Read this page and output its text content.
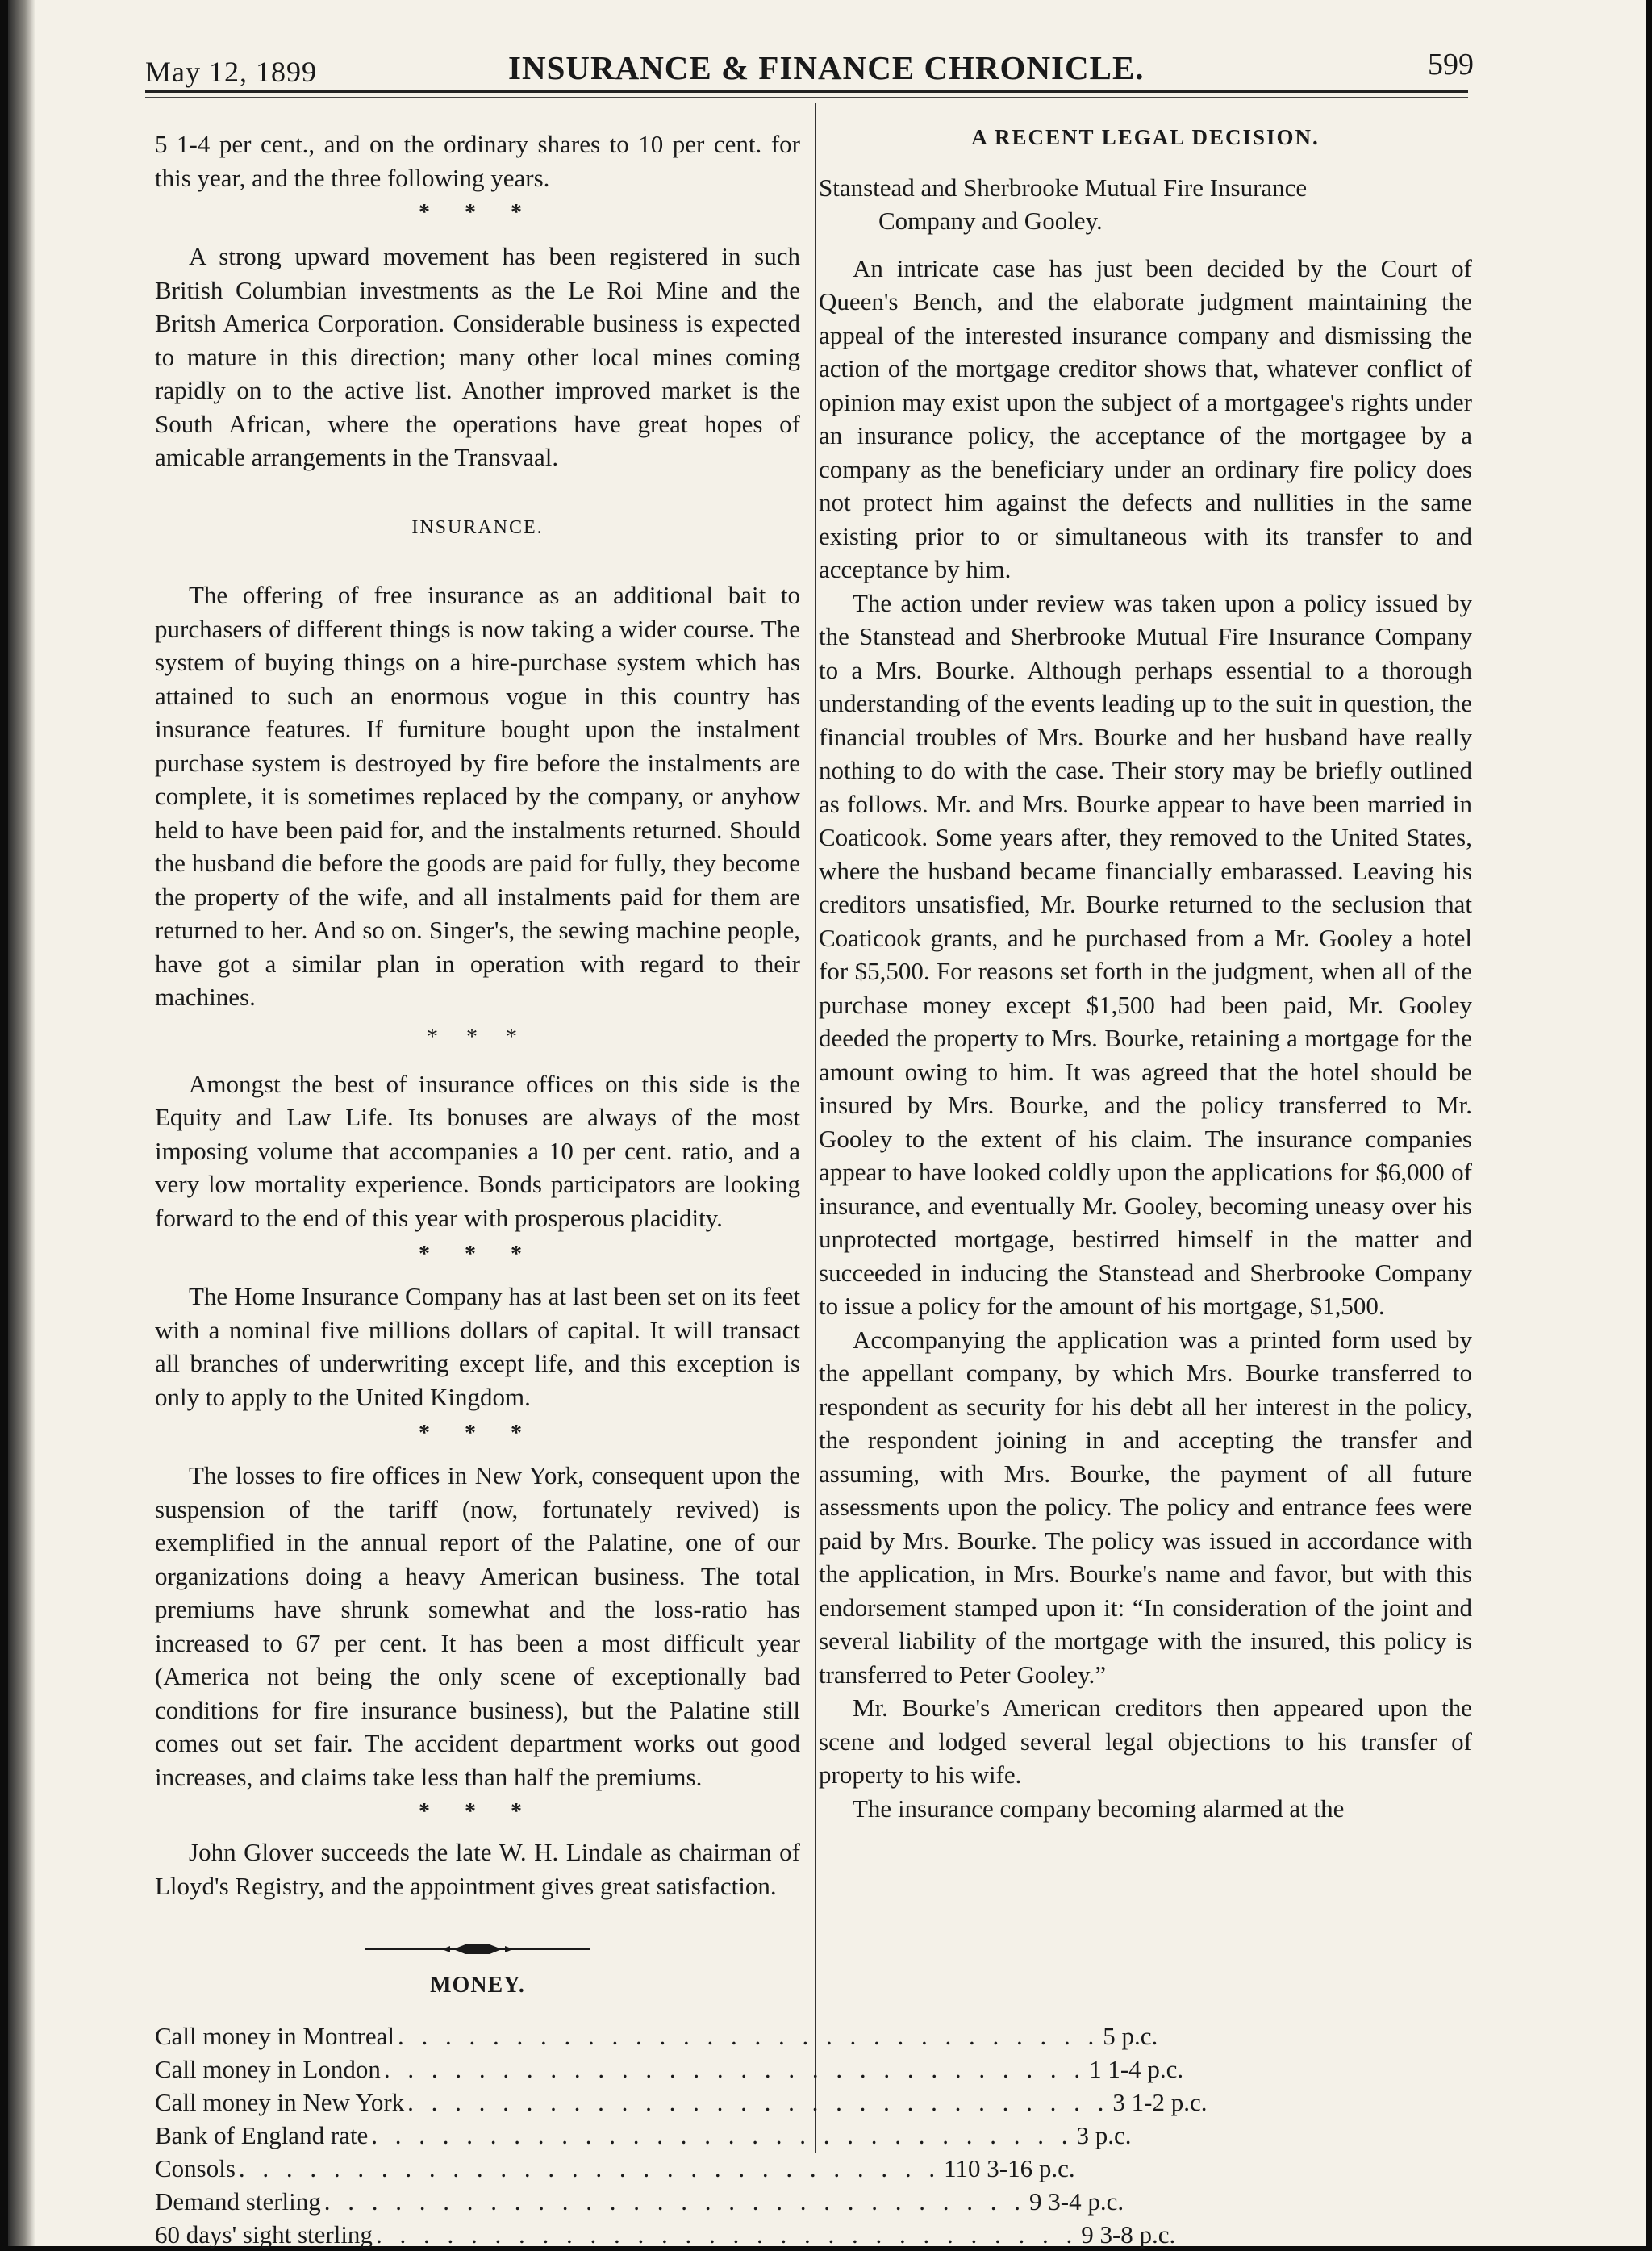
May 12, 1899	INSURANCE & FINANCE CHRONICLE.	599

5 1-4 per cent., and on the ordinary shares to 10 per cent. for this year, and the three following years.

* * *

A strong upward movement has been registered in such British Columbian investments as the Le Roi Mine and the Britsh America Corporation. Considerable business is expected to mature in this direction; many other local mines coming rapidly on to the active list. Another improved market is the South African, where the operations have great hopes of amicable arrangements in the Transvaal.

INSURANCE.

The offering of free insurance as an additional bait to purchasers of different things is now taking a wider course. The system of buying things on a hire-purchase system which has attained to such an enormous vogue in this country has insurance features. If furniture bought upon the instalment purchase system is destroyed by fire before the instalments are complete, it is sometimes replaced by the company, or anyhow held to have been paid for, and the instalments returned. Should the husband die before the goods are paid for fully, they become the property of the wife, and all instalments paid for them are returned to her. And so on. Singer's, the sewing machine people, have got a similar plan in operation with regard to their machines.

* * *

Amongst the best of insurance offices on this side is the Equity and Law Life. Its bonuses are always of the most imposing volume that accompanies a 10 per cent. ratio, and a very low mortality experience. Bonds participators are looking forward to the end of this year with prosperous placidity.

* * *

The Home Insurance Company has at last been set on its feet with a nominal five millions dollars of capital. It will transact all branches of underwriting except life, and this exception is only to apply to the United Kingdom.

* * *

The losses to fire offices in New York, consequent upon the suspension of the tariff (now, fortunately revived) is exemplified in the annual report of the Palatine, one of our organizations doing a heavy American business. The total premiums have shrunk somewhat and the loss-ratio has increased to 67 per cent. It has been a most difficult year (America not being the only scene of exceptionally bad conditions for fire insurance business), but the Palatine still comes out set fair. The accident department works out good increases, and claims take less than half the premiums.

* * *

John Glover succeeds the late W. H. Lindale as chairman of Lloyd's Registry, and the appointment gives great satisfaction.

MONEY.
Call money in Montreal . . . . . . . . . . . . . . . . . . . . . . . . . . . . . . 5 p.c.
Call money in London . . . . . . . . . . . . . . . . . . . . . . . . . . . . . . 1 1-4 p.c.
Call money in New York . . . . . . . . . . . . . . . . . . . . . . . . . . . . . . 3 1-2 p.c.
Bank of England rate . . . . . . . . . . . . . . . . . . . . . . . . . . . . . . 3 p.c.
Consols . . . . . . . . . . . . . . . . . . . . . . . . . . . . . . 110 3-16 p.c.
Demand sterling . . . . . . . . . . . . . . . . . . . . . . . . . . . . . . 9 3-4 p.c.
60 days' sight sterling . . . . . . . . . . . . . . . . . . . . . . . . . . . . . . 9 3-8 p.c.
A RECENT LEGAL DECISION.
Stanstead and Sherbrooke Mutual Fire Insurance
Company and Gooley.

An intricate case has just been decided by the Court of Queen's Bench, and the elaborate judgment maintaining the appeal of the interested insurance company and dismissing the action of the mortgage creditor shows that, whatever conflict of opinion may exist upon the subject of a mortgagee's rights under an insurance policy, the acceptance of the mortgagee by a company as the beneficiary under an ordinary fire policy does not protect him against the defects and nullities in the same existing prior to or simultaneous with its transfer to and acceptance by him.

The action under review was taken upon a policy issued by the Stanstead and Sherbrooke Mutual Fire Insurance Company to a Mrs. Bourke. Although perhaps essential to a thorough understanding of the events leading up to the suit in question, the financial troubles of Mrs. Bourke and her husband have really nothing to do with the case. Their story may be briefly outlined as follows. Mr. and Mrs. Bourke appear to have been married in Coaticook. Some years after, they removed to the United States, where the husband became financially embarassed. Leaving his creditors unsatisfied, Mr. Bourke returned to the seclusion that Coaticook grants, and he purchased from a Mr. Gooley a hotel for $5,500. For reasons set forth in the judgment, when all of the purchase money except $1,500 had been paid, Mr. Gooley deeded the property to Mrs. Bourke, retaining a mortgage for the amount owing to him. It was agreed that the hotel should be insured by Mrs. Bourke, and the policy transferred to Mr. Gooley to the extent of his claim. The insurance companies appear to have looked coldly upon the applications for $6,000 of insurance, and eventually Mr. Gooley, becoming uneasy over his unprotected mortgage, bestirred himself in the matter and succeeded in inducing the Stanstead and Sherbrooke Company to issue a policy for the amount of his mortgage, $1,500.

Accompanying the application was a printed form used by the appellant company, by which Mrs. Bourke transferred to respondent as security for his debt all her interest in the policy, the respondent joining in and accepting the transfer and assuming, with Mrs. Bourke, the payment of all future assessments upon the policy. The policy and entrance fees were paid by Mrs. Bourke. The policy was issued in accordance with the application, in Mrs. Bourke's name and favor, but with this endorsement stamped upon it: “In consideration of the joint and several liability of the mortgage with the insured, this policy is transferred to Peter Gooley.”

Mr. Bourke's American creditors then appeared upon the scene and lodged several legal objections to his transfer of property to his wife.

The insurance company becoming alarmed at the
